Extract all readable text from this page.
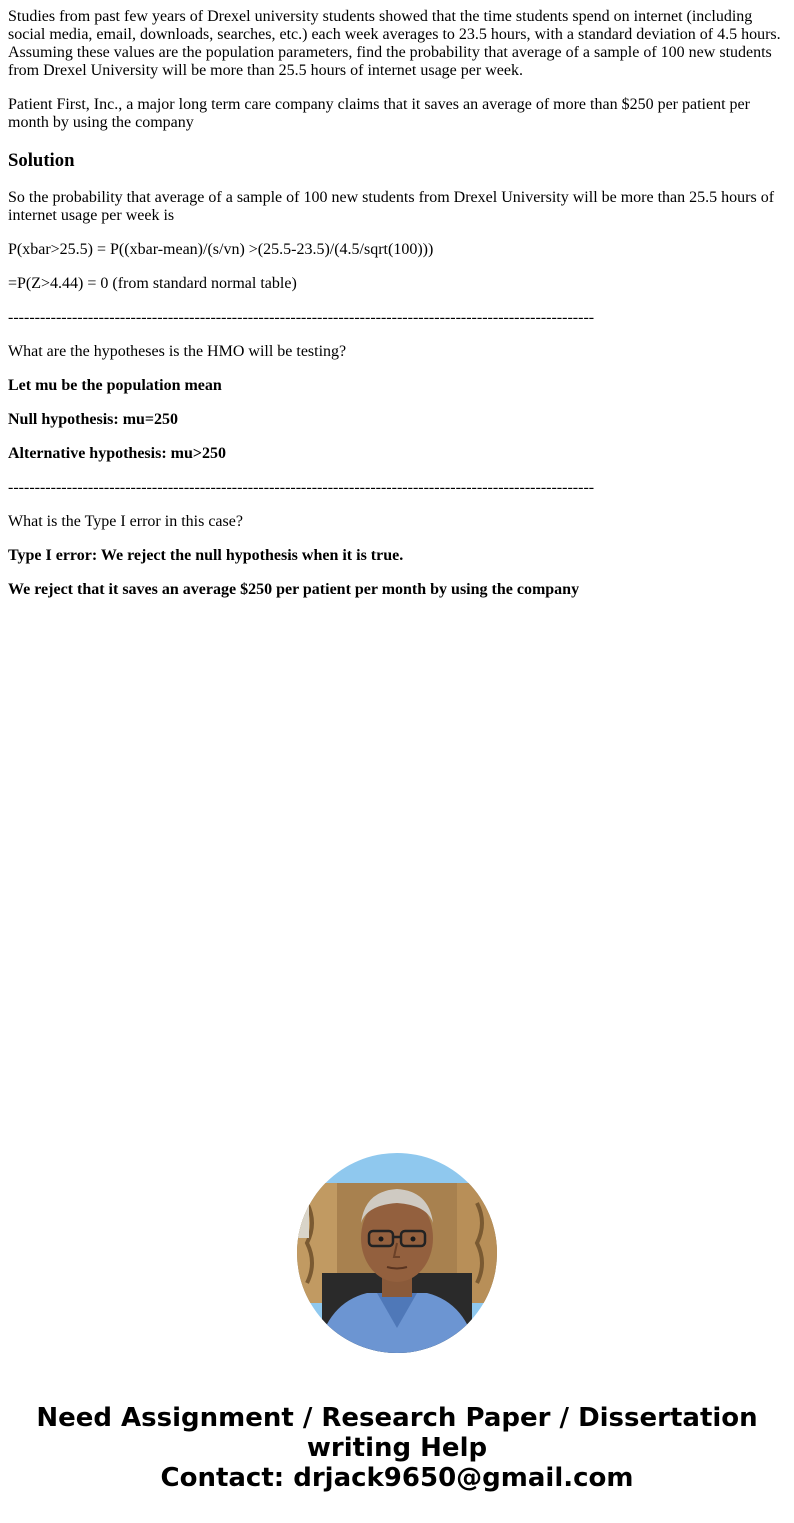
Studies from past few years of Drexel university students showed that the time students spend on internet (including social media, email, downloads, searches, etc.) each week averages to 23.5 hours, with a standard deviation of 4.5 hours. Assuming these values are the population parameters, find the probability that average of a sample of 100 new students from Drexel University will be more than 25.5 hours of internet usage per week.

Patient First, Inc., a major long term care company claims that it saves an average of more than $250 per patient per month by using the company

Solution

So the probability that average of a sample of 100 new students from Drexel University will be more than 25.5 hours of internet usage per week is

P(xbar>25.5) = P((xbar-mean)/(s/vn) >(25.5-23.5)/(4.5/sqrt(100)))

=P(Z>4.44) = 0 (from standard normal table)

--------------------------------------------------------------------------------------------------------------

What are the hypotheses is the HMO will be testing?

Let mu be the population mean

Null hypothesis: mu=250

Alternative hypothesis: mu>250

--------------------------------------------------------------------------------------------------------------

What is the Type I error in this case?

Type I error: We reject the null hypothesis when it is true.

We reject that it saves an average $250 per patient per month by using the company

Need Assignment / Research Paper / Dissertation
writing Help
Contact: drjack9650@gmail.com
